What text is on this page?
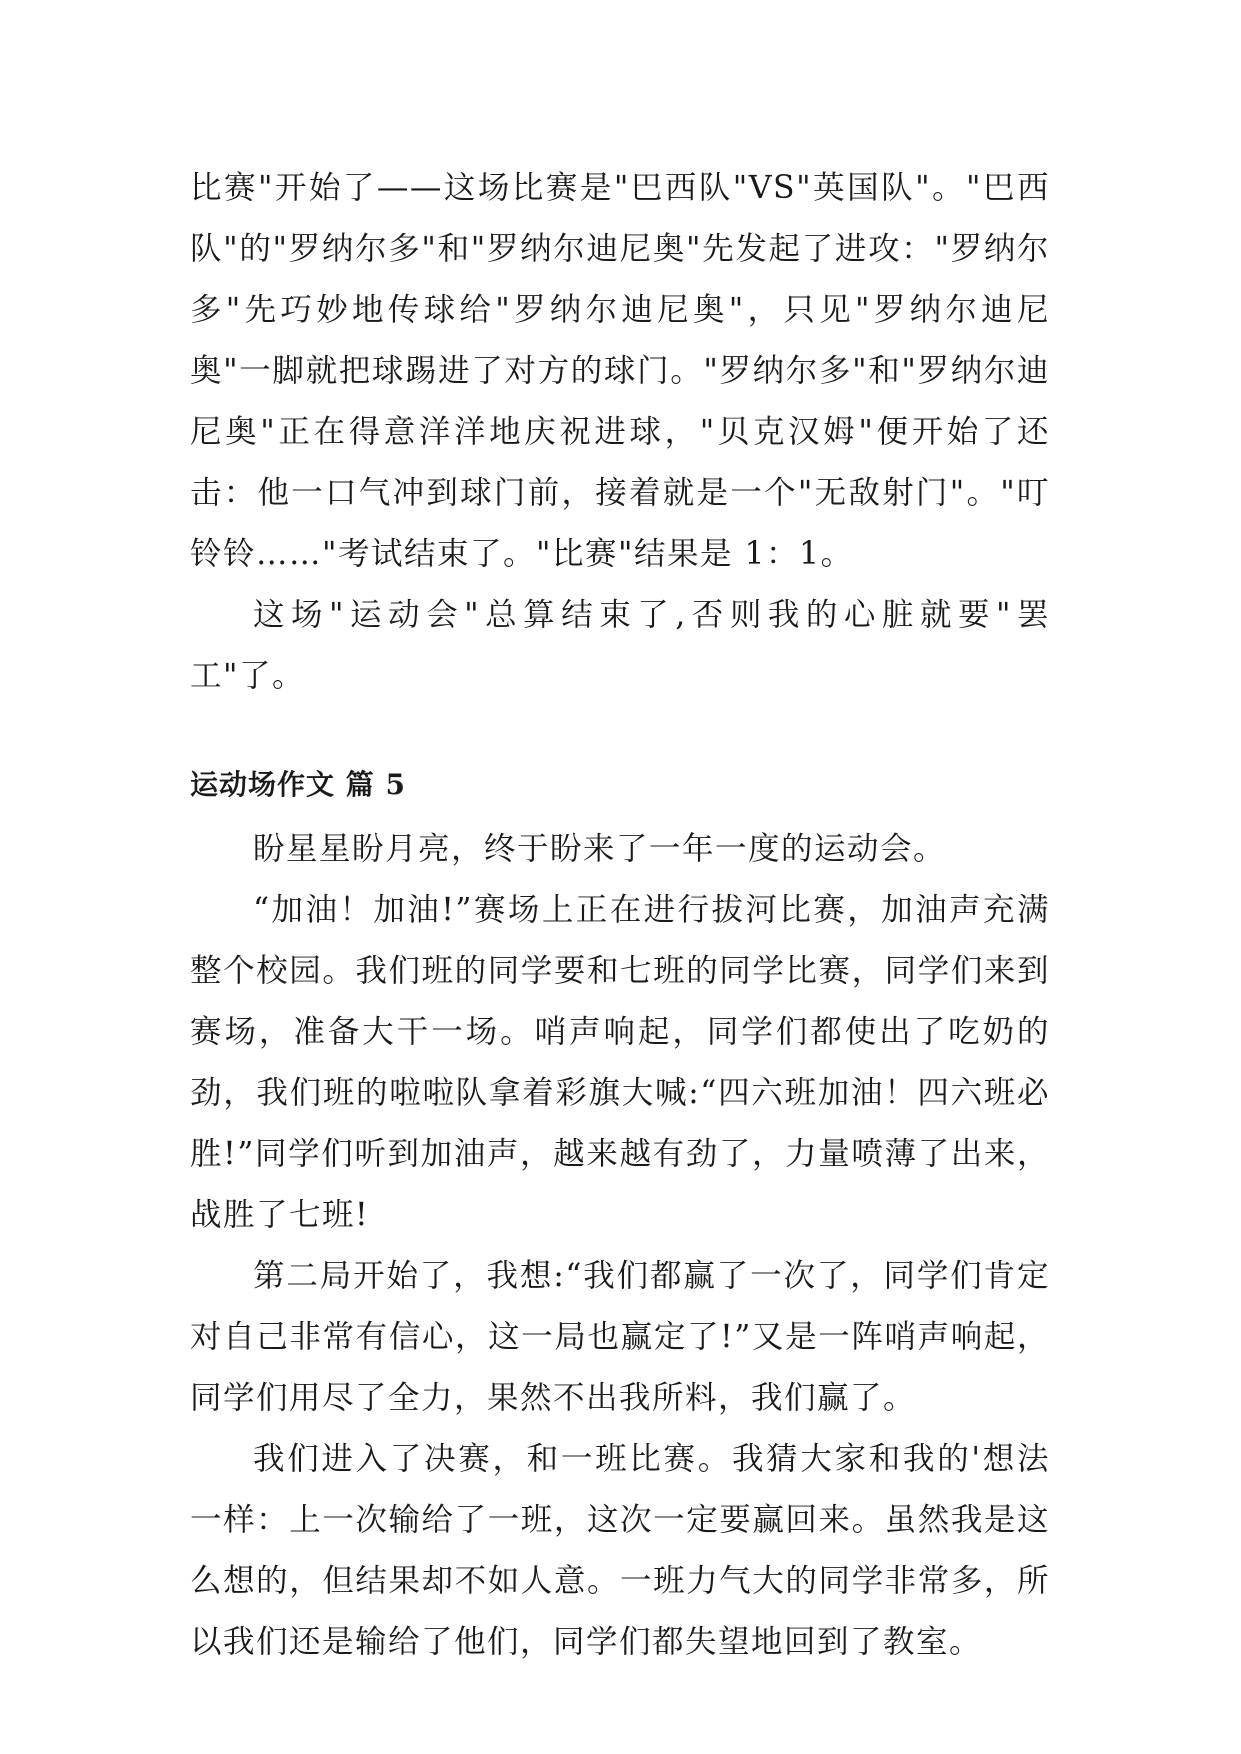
比赛"开始了——这场比赛是"巴西队"VS"英国队"。"巴西队"的"罗纳尔多"和"罗纳尔迪尼奥"先发起了进攻："罗纳尔多"先巧妙地传球给"罗纳尔迪尼奥"，只见"罗纳尔迪尼奥"一脚就把球踢进了对方的球门。"罗纳尔多"和"罗纳尔迪尼奥"正在得意洋洋地庆祝进球，"贝克汉姆"便开始了还击：他一口气冲到球门前，接着就是一个"无敌射门"。"叮铃铃……"考试结束了。"比赛"结果是 1：1。

这场"运动会"总算结束了,否则我的心脏就要"罢工"了。

运动场作文 篇 5

盼星星盼月亮，终于盼来了一年一度的运动会。

“加油！加油!”赛场上正在进行拔河比赛，加油声充满整个校园。我们班的同学要和七班的同学比赛，同学们来到赛场，准备大干一场。哨声响起，同学们都使出了吃奶的劲，我们班的啦啦队拿着彩旗大喊:“四六班加油！四六班必胜!”同学们听到加油声，越来越有劲了，力量喷薄了出来，战胜了七班!

第二局开始了，我想:“我们都赢了一次了，同学们肯定对自己非常有信心，这一局也赢定了!”又是一阵哨声响起，同学们用尽了全力，果然不出我所料，我们赢了。

我们进入了决赛，和一班比赛。我猜大家和我的'想法一样：上一次输给了一班，这次一定要赢回来。虽然我是这么想的，但结果却不如人意。一班力气大的同学非常多，所以我们还是输给了他们，同学们都失望地回到了教室。
